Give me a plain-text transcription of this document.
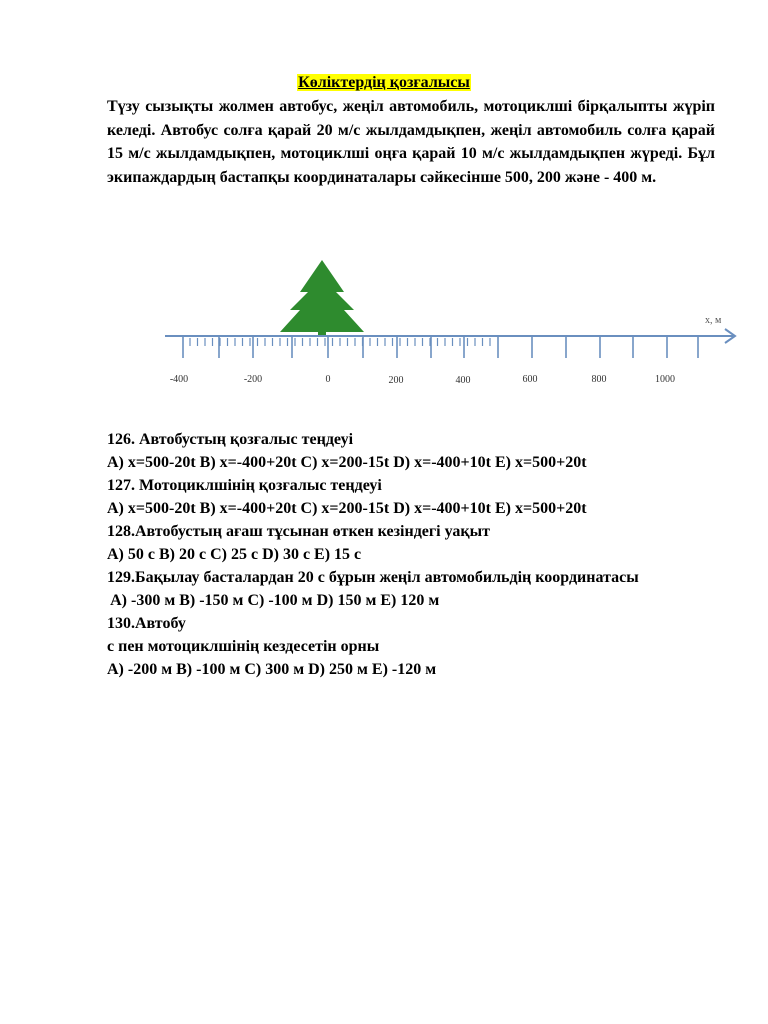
Көліктердің қозғалысы

Түзу сызықты жолмен автобус, жеңіл автомобиль, мотоциклші бірқалыпты жүріп келеді. Автобус солға қарай 20 м/с жылдамдықпен, жеңіл автомобиль солға қарай 15 м/с жылдамдықпен, мотоциклші оңға қарай 10 м/с жылдамдықпен жүреді. Бұл экипаждардың бастапқы координаталары сәйкесінше 500, 200 және - 400 м.

x, м
-400	-200	0	200	400	600	800	1000
126. Автобустың қозғалыс теңдеуі
A) x=500-20t B) x=-400+20t C) x=200-15t D) x=-400+10t E) x=500+20t
127. Мотоциклшінің қозғалыс теңдеуі
A) x=500-20t B) x=-400+20t C) x=200-15t D) x=-400+10t E) x=500+20t
128.Автобустың ағаш тұсынан өткен кезіндегі уақыт
A) 50 с B) 20 с C) 25 с D) 30 с E) 15 с
129.Бақылау басталардан 20 с бұрын жеңіл автомобильдің координатасы
A) -300 м B) -150 м C) -100 м D) 150 м E) 120 м
130.Автобу
с пен мотоциклшінің кездесетін орны
A) -200 м B) -100 м C) 300 м D) 250 м E) -120 м
